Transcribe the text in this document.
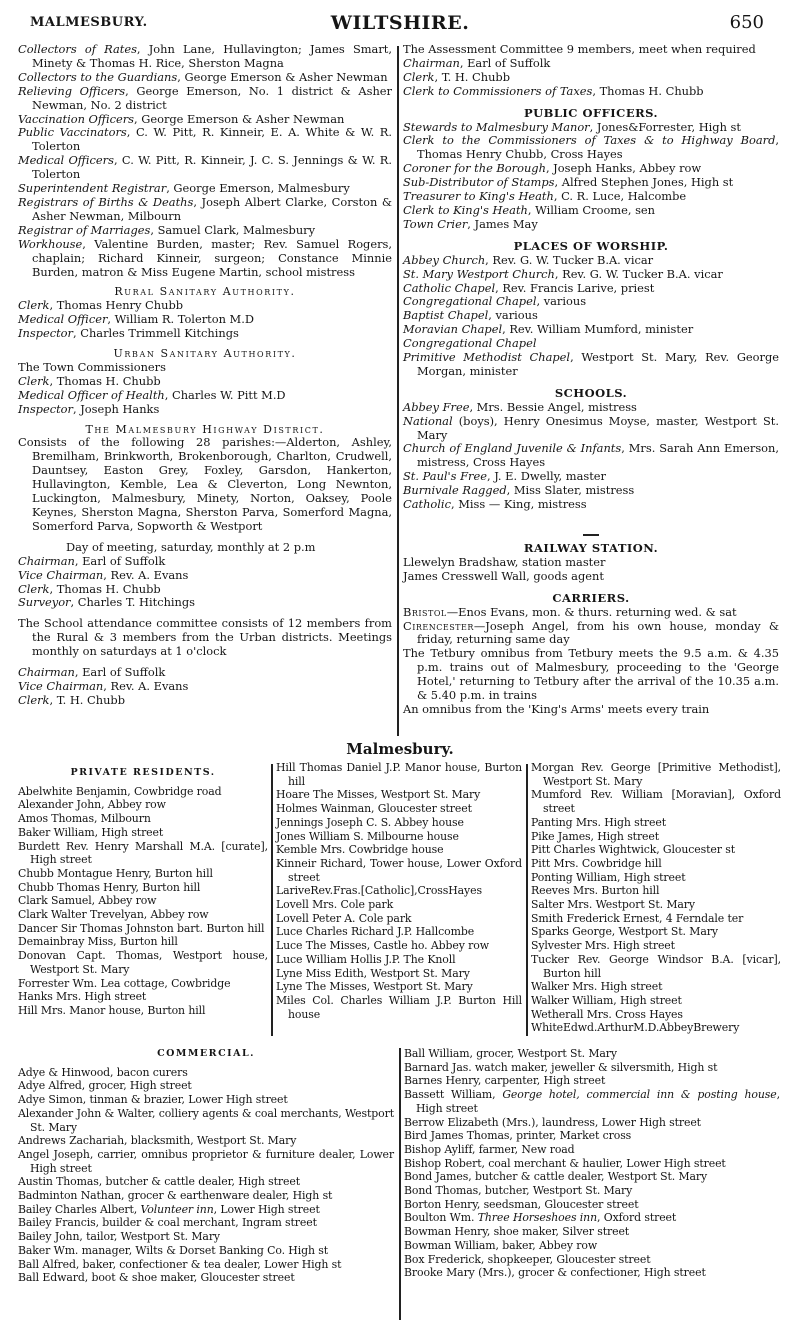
MALMESBURY.	WILTSHIRE.	650
Collectors of Rates, John Lane, Hullavington; James Smart, Minety & Thomas H. Rice, Sherston Magna
Collectors to the Guardians, George Emerson & Asher Newman
Relieving Officers, George Emerson, No. 1 district & Asher Newman, No. 2 district
Vaccination Officers, George Emerson & Asher Newman
Public Vaccinators, C. W. Pitt, R. Kinneir, E. A. White & W. R. Tolerton
Medical Officers, C. W. Pitt, R. Kinneir, J. C. S. Jennings & W. R. Tolerton
Superintendent Registrar, George Emerson, Malmesbury
Registrars of Births & Deaths, Joseph Albert Clarke, Corston & Asher Newman, Milbourn
Registrar of Marriages, Samuel Clark, Malmesbury
Workhouse, Valentine Burden, master; Rev. Samuel Rogers, chaplain; Richard Kinneir, surgeon; Constance Minnie Burden, matron & Miss Eugene Martin, school mistress
Rural Sanitary Authority.
Clerk, Thomas Henry Chubb
Medical Officer, William R. Tolerton M.D
Inspector, Charles Trimmell Kitchings
Urban Sanitary Authority.
The Town Commissioners
Clerk, Thomas H. Chubb
Medical Officer of Health, Charles W. Pitt M.D
Inspector, Joseph Hanks
The Malmesbury Highway District.
Consists of the following 28 parishes:—Alderton, Ashley, Bremilham, Brinkworth, Brokenborough, Charlton, Crudwell, Dauntsey, Easton Grey, Foxley, Garsdon, Hankerton, Hullavington, Kemble, Lea & Cleverton, Long Newnton, Luckington, Malmesbury, Minety, Norton, Oaksey, Poole Keynes, Sherston Magna, Sherston Parva, Somerford Magna, Somerford Parva, Sopworth & Westport
Day of meeting, saturday, monthly at 2 p.m
Chairman, Earl of Suffolk
Vice Chairman, Rev. A. Evans
Clerk, Thomas H. Chubb
Surveyor, Charles T. Hitchings
The School attendance committee consists of 12 members from the Rural & 3 members from the Urban districts. Meetings monthly on saturdays at 1 o'clock
Chairman, Earl of Suffolk
Vice Chairman, Rev. A. Evans
Clerk, T. H. Chubb
The Assessment Committee 9 members, meet when required
Chairman, Earl of Suffolk
Clerk, T. H. Chubb
Clerk to Commissioners of Taxes, Thomas H. Chubb
PUBLIC OFFICERS.
Stewards to Malmesbury Manor, Jones&Forrester, High st
Clerk to the Commissioners of Taxes & to Highway Board, Thomas Henry Chubb, Cross Hayes
Coroner for the Borough, Joseph Hanks, Abbey row
Sub-Distributor of Stamps, Alfred Stephen Jones, High st
Treasurer to King's Heath, C. R. Luce, Halcombe
Clerk to King's Heath, William Croome, sen
Town Crier, James May
PLACES OF WORSHIP.
Abbey Church, Rev. G. W. Tucker B.A. vicar
St. Mary Westport Church, Rev. G. W. Tucker B.A. vicar
Catholic Chapel, Rev. Francis Larive, priest
Congregational Chapel, various
Baptist Chapel, various
Moravian Chapel, Rev. William Mumford, minister
Congregational Chapel
Primitive Methodist Chapel, Westport St. Mary, Rev. George Morgan, minister
SCHOOLS.
Abbey Free, Mrs. Bessie Angel, mistress
National (boys), Henry Onesimus Moyse, master, Westport St. Mary
Church of England Juvenile & Infants, Mrs. Sarah Ann Emerson, mistress, Cross Hayes
St. Paul's Free, J. E. Dwelly, master
Burnivale Ragged, Miss Slater, mistress
Catholic, Miss — King, mistress
RAILWAY STATION.
Llewelyn Bradshaw, station master
James Cresswell Wall, goods agent
CARRIERS.
Bristol—Enos Evans, mon. & thurs. returning wed. & sat
Cirencester—Joseph Angel, from his own house, monday & friday, returning same day
The Tetbury omnibus from Tetbury meets the 9.5 a.m. & 4.35 p.m. trains out of Malmesbury, proceeding to the 'George Hotel,' returning to Tetbury after the arrival of the 10.35 a.m. & 5.40 p.m. in trains
An omnibus from the 'King's Arms' meets every train
Malmesbury.
PRIVATE RESIDENTS.
Abelwhite Benjamin, Cowbridge road
Alexander John, Abbey row
Amos Thomas, Milbourn
Baker William, High street
Burdett Rev. Henry Marshall M.A. [curate], High street
Chubb Montague Henry, Burton hill
Chubb Thomas Henry, Burton hill
Clark Samuel, Abbey row
Clark Walter Trevelyan, Abbey row
Dancer Sir Thomas Johnston bart. Burton hill
Demainbray Miss, Burton hill
Donovan Capt. Thomas, Westport house, Westport St. Mary
Forrester Wm. Lea cottage, Cowbridge
Hanks Mrs. High street
Hill Mrs. Manor house, Burton hill
Hill Thomas Daniel J.P. Manor house, Burton hill
Hoare The Misses, Westport St. Mary
Holmes Wainman, Gloucester street
Jennings Joseph C. S. Abbey house
Jones William S. Milbourne house
Kemble Mrs. Cowbridge house
Kinneir Richard, Tower house, Lower Oxford street
LariveRev.Fras.[Catholic],CrossHayes
Lovell Mrs. Cole park
Lovell Peter A. Cole park
Luce Charles Richard J.P. Hallcombe
Luce The Misses, Castle ho. Abbey row
Luce William Hollis J.P. The Knoll
Lyne Miss Edith, Westport St. Mary
Lyne The Misses, Westport St. Mary
Miles Col. Charles William J.P. Burton Hill house
Morgan Rev. George [Primitive Methodist], Westport St. Mary
Mumford Rev. William [Moravian], Oxford street
Panting Mrs. High street
Pike James, High street
Pitt Charles Wightwick, Gloucester st
Pitt Mrs. Cowbridge hill
Ponting William, High street
Reeves Mrs. Burton hill
Salter Mrs. Westport St. Mary
Smith Frederick Ernest, 4 Ferndale ter
Sparks George, Westport St. Mary
Sylvester Mrs. High street
Tucker Rev. George Windsor B.A. [vicar], Burton hill
Walker Mrs. High street
Walker William, High street
Wetherall Mrs. Cross Hayes
WhiteEdwd.ArthurM.D.AbbeyBrewery
COMMERCIAL.
Adye & Hinwood, bacon curers
Adye Alfred, grocer, High street
Adye Simon, tinman & brazier, Lower High street
Alexander John & Walter, colliery agents & coal merchants, Westport St. Mary
Andrews Zachariah, blacksmith, Westport St. Mary
Angel Joseph, carrier, omnibus proprietor & furniture dealer, Lower High street
Austin Thomas, butcher & cattle dealer, High street
Badminton Nathan, grocer & earthenware dealer, High st
Bailey Charles Albert, Volunteer inn, Lower High street
Bailey Francis, builder & coal merchant, Ingram street
Bailey John, tailor, Westport St. Mary
Baker Wm. manager, Wilts & Dorset Banking Co. High st
Ball Alfred, baker, confectioner & tea dealer, Lower High st
Ball Edward, boot & shoe maker, Gloucester street
Ball William, grocer, Westport St. Mary
Barnard Jas. watch maker, jeweller & silversmith, High st
Barnes Henry, carpenter, High street
Bassett William, George hotel, commercial inn & posting house, High street
Berrow Elizabeth (Mrs.), laundress, Lower High street
Bird James Thomas, printer, Market cross
Bishop Ayliff, farmer, New road
Bishop Robert, coal merchant & haulier, Lower High street
Bond James, butcher & cattle dealer, Westport St. Mary
Bond Thomas, butcher, Westport St. Mary
Borton Henry, seedsman, Gloucester street
Boulton Wm. Three Horseshoes inn, Oxford street
Bowman Henry, shoe maker, Silver street
Bowman William, baker, Abbey row
Box Frederick, shopkeeper, Gloucester street
Brooke Mary (Mrs.), grocer & confectioner, High street
